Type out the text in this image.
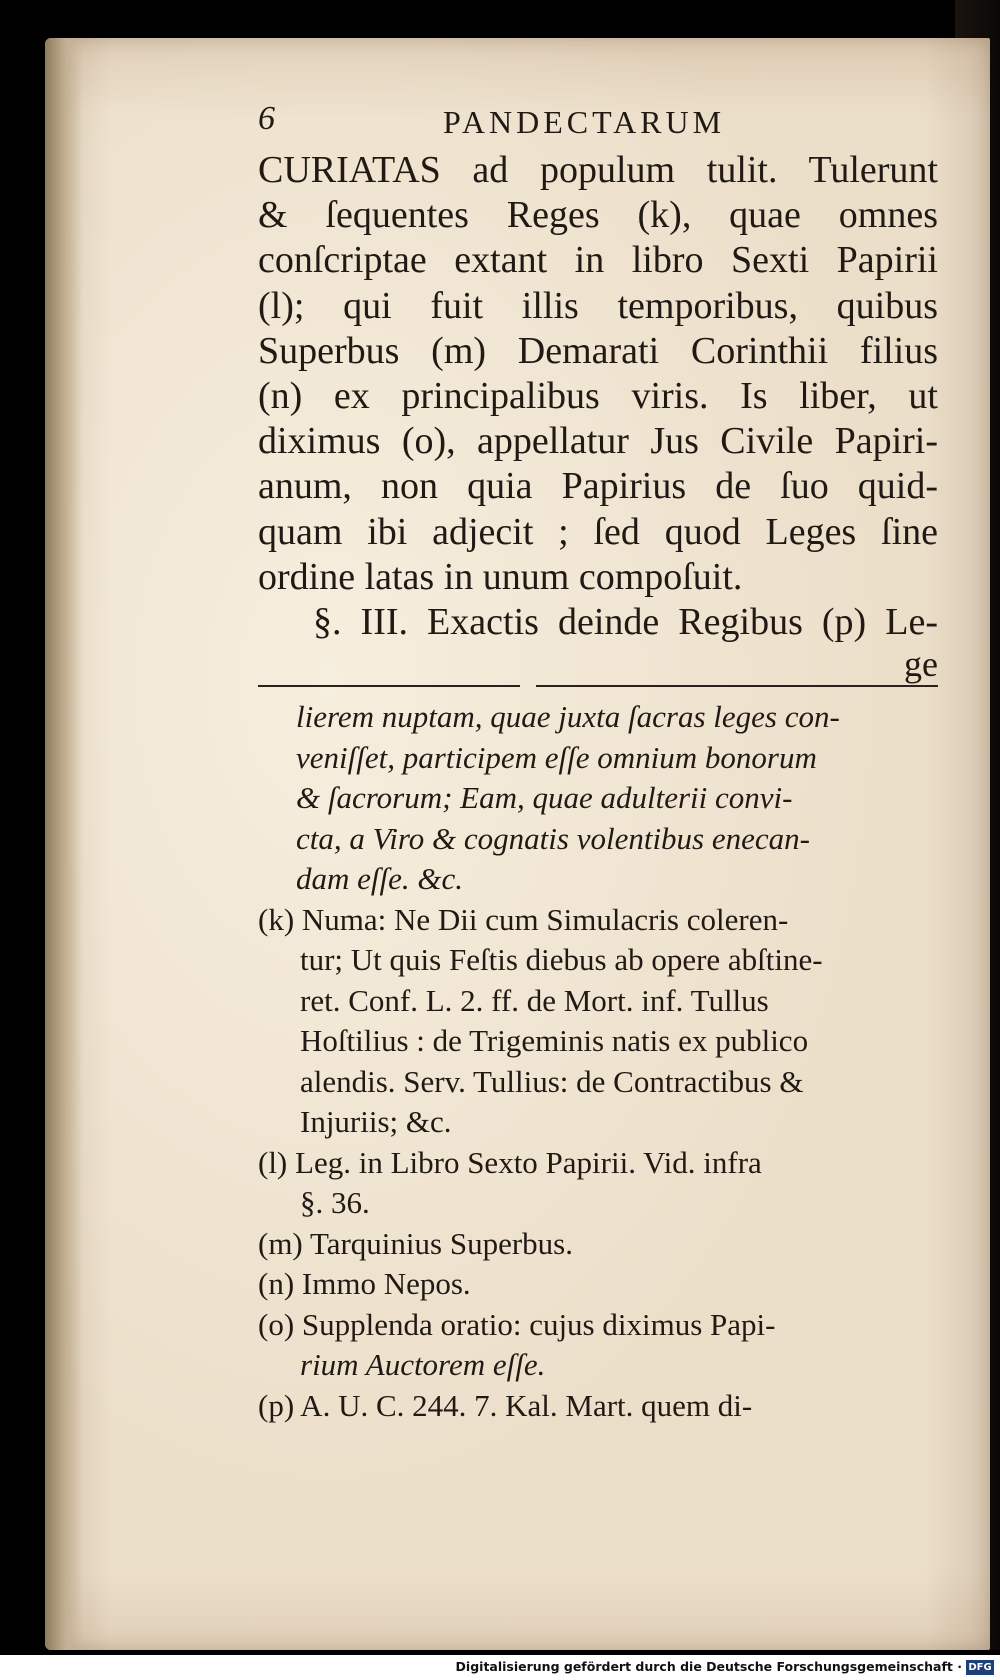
6	PANDECTARUM
CURIATAS ad populum tulit. Tulerunt
& ſequentes Reges (k), quae omnes
conſcriptae extant in libro Sexti Papirii
(l); qui fuit illis temporibus, quibus
Superbus (m) Demarati Corinthii filius
(n) ex principalibus viris. Is liber, ut
diximus (o), appellatur Jus Civile Papiri-
anum, non quia Papirius de ſuo quid-
quam ibi adjecit ; ſed quod Leges ſine
ordine latas in unum compoſuit.
§. III. Exactis deinde Regibus (p) Le-
ge
lierem nuptam, quae juxta ſacras leges con-
veniſſet, participem eſſe omnium bonorum
& ſacrorum; Eam, quae adulterii convi-
cta, a Viro & cognatis volentibus enecan-
dam eſſe. &c.
(k) Numa: Ne Dii cum Simulacris coleren-
tur; Ut quis Feſtis diebus ab opere abſtine-
ret. Conf. L. 2. ff. de Mort. inf. Tullus
Hoſtilius : de Trigeminis natis ex publico
alendis. Serv. Tullius: de Contractibus &
Injuriis; &c.
(l) Leg. in Libro Sexto Papirii. Vid. infra
§. 36.
(m) Tarquinius Superbus.
(n) Immo Nepos.
(o) Supplenda oratio: cujus diximus Papi-
rium Auctorem eſſe.
(p) A. U. C. 244. 7. Kal. Mart. quem di-
Digitalisierung gefördert durch die Deutsche Forschungsgemeinschaft · DFG
